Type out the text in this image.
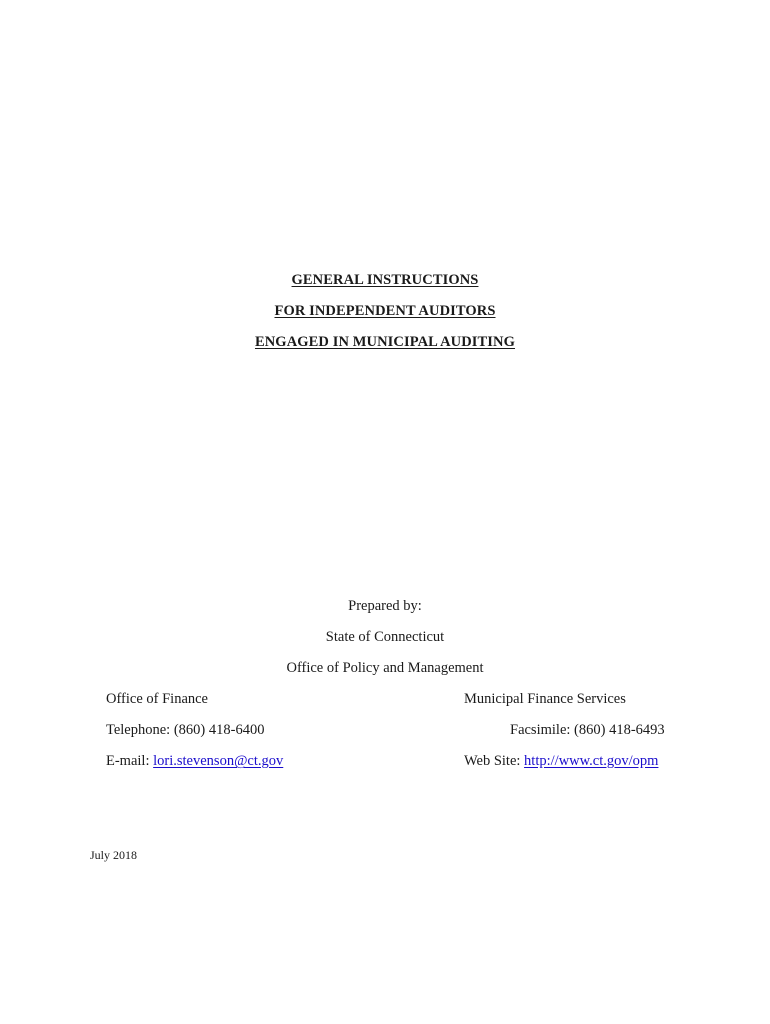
GENERAL INSTRUCTIONS
FOR INDEPENDENT AUDITORS
ENGAGED IN MUNICIPAL AUDITING
Prepared by:
State of Connecticut
Office of Policy and Management
Office of Finance	Municipal Finance Services
Telephone: (860) 418-6400	Facsimile: (860) 418-6493
E-mail: lori.stevenson@ct.gov	Web Site: http://www.ct.gov/opm
July 2018
